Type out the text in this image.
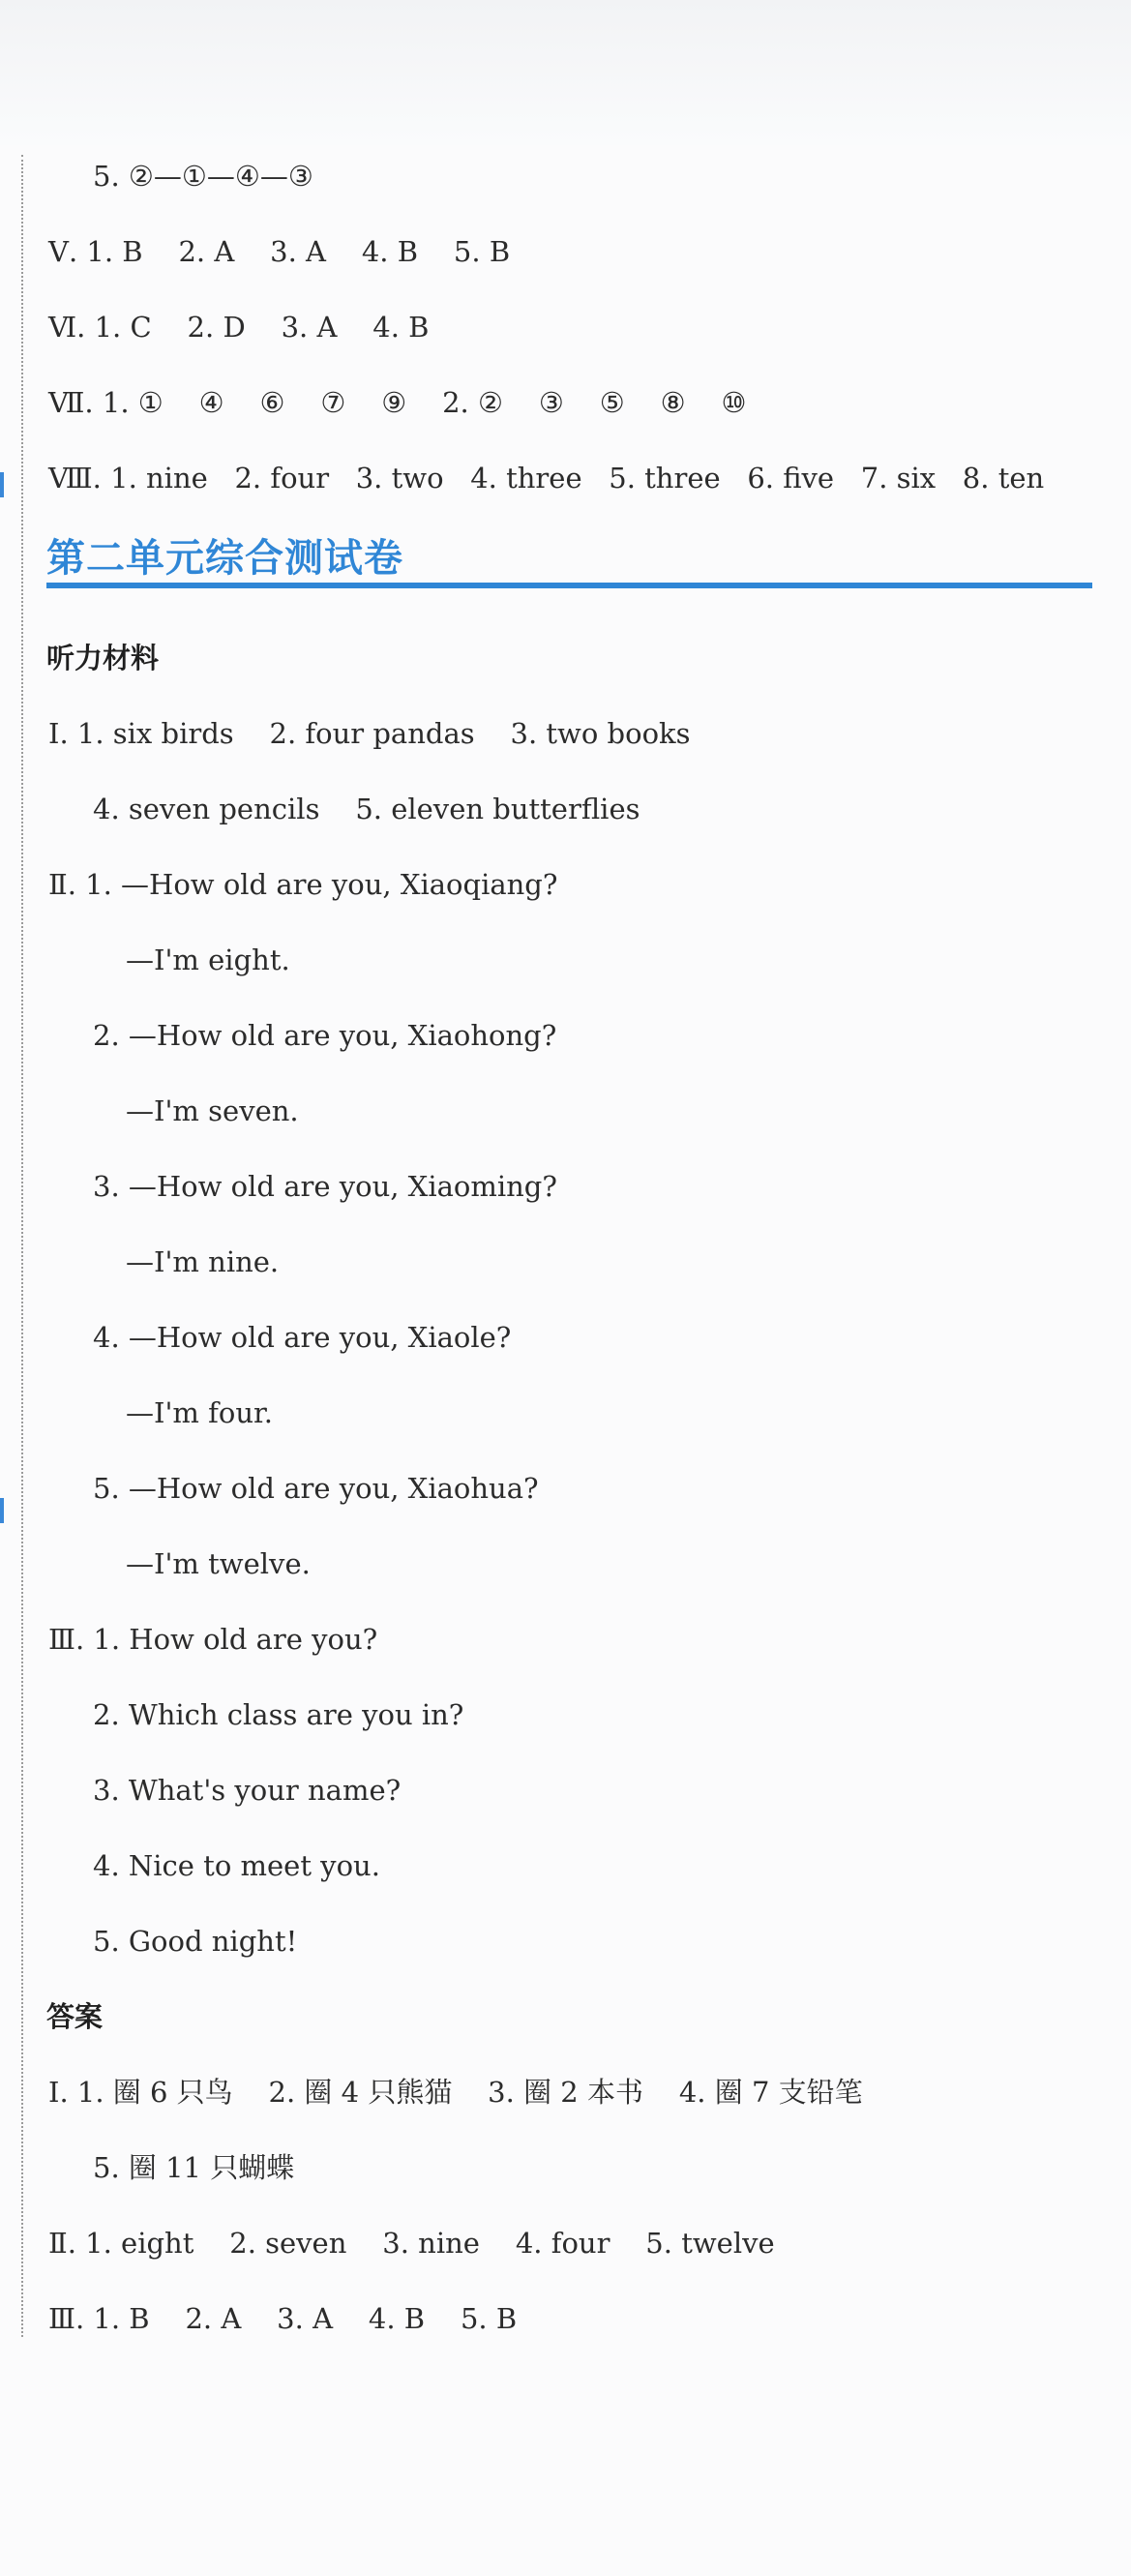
5. ②—①—④—③

Ⅴ. 1. B    2. A    3. A    4. B    5. B

Ⅵ. 1. C    2. D    3. A    4. B

Ⅶ. 1. ①    ④    ⑥    ⑦    ⑨    2. ②    ③    ⑤    ⑧    ⑩

Ⅷ. 1. nine   2. four   3. two   4. three   5. three   6. five   7. six   8. ten

第二单元综合测试卷
听力材料

Ⅰ. 1. six birds    2. four pandas    3. two books

4. seven pencils    5. eleven butterflies

Ⅱ. 1. —How old are you, Xiaoqiang?

—I'm eight.

2. —How old are you, Xiaohong?

—I'm seven.

3. —How old are you, Xiaoming?

—I'm nine.

4. —How old are you, Xiaole?

—I'm four.

5. —How old are you, Xiaohua?

—I'm twelve.

Ⅲ. 1. How old are you?

2. Which class are you in?

3. What's your name?

4. Nice to meet you.

5. Good night!

答案

Ⅰ. 1. 圈 6 只鸟    2. 圈 4 只熊猫    3. 圈 2 本书    4. 圈 7 支铅笔

5. 圈 11 只蝴蝶

Ⅱ. 1. eight    2. seven    3. nine    4. four    5. twelve

Ⅲ. 1. B    2. A    3. A    4. B    5. B
